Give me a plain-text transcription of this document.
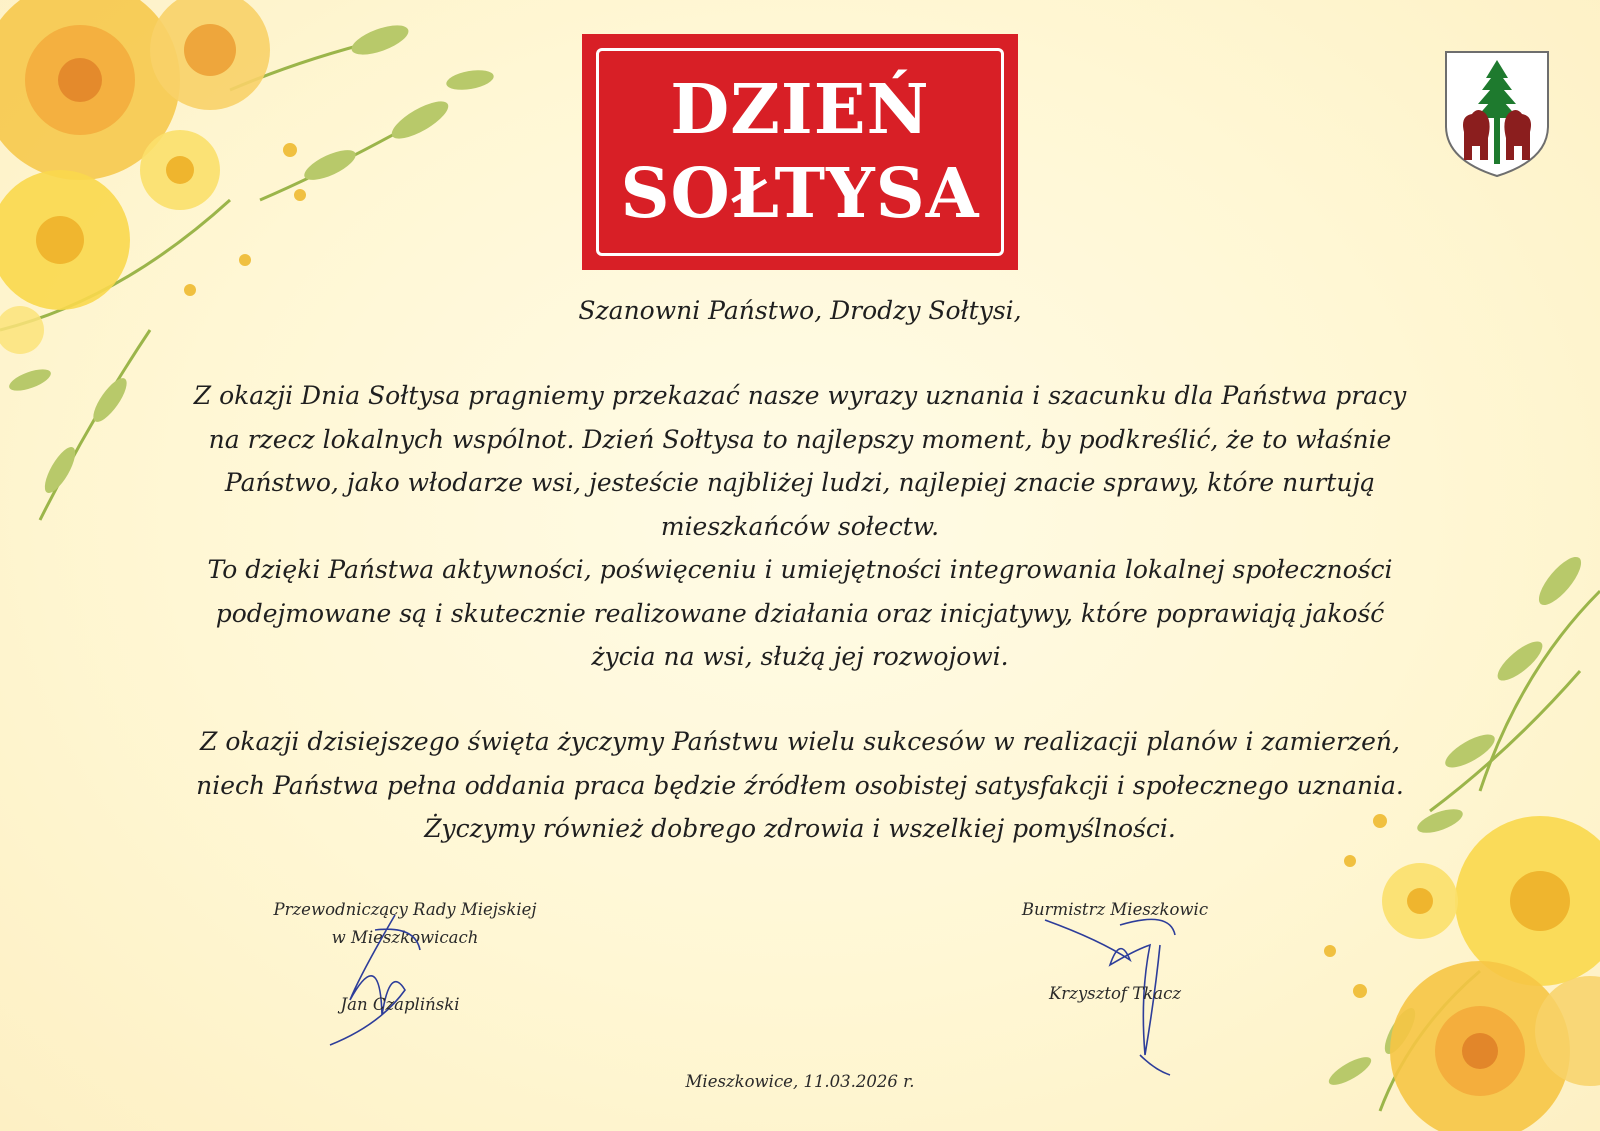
DZIEŃ
SOŁTYSA
Szanowni Państwo, Drodzy Sołtysi,
Z okazji Dnia Sołtysa pragniemy przekazać nasze wyrazy uznania i szacunku dla Państwa pracy
na rzecz lokalnych wspólnot. Dzień Sołtysa to najlepszy moment, by podkreślić, że to właśnie
Państwo, jako włodarze wsi, jesteście najbliżej ludzi, najlepiej znacie sprawy, które nurtują
mieszkańców sołectw.
To dzięki Państwa aktywności, poświęceniu i umiejętności integrowania lokalnej społeczności
podejmowane są i skutecznie realizowane działania oraz inicjatywy, które poprawiają jakość
życia na wsi, służą jej rozwojowi.
Z okazji dzisiejszego święta życzymy Państwu wielu sukcesów w realizacji planów i zamierzeń,
niech Państwa pełna oddania praca będzie źródłem osobistej satysfakcji i społecznego uznania.
Życzymy również dobrego zdrowia i wszelkiej pomyślności.
Przewodniczący Rady Miejskiej
w Mieszkowicach
Jan Czapliński
Burmistrz Mieszkowic
Krzysztof Tkacz
Mieszkowice, 11.03.2026 r.
